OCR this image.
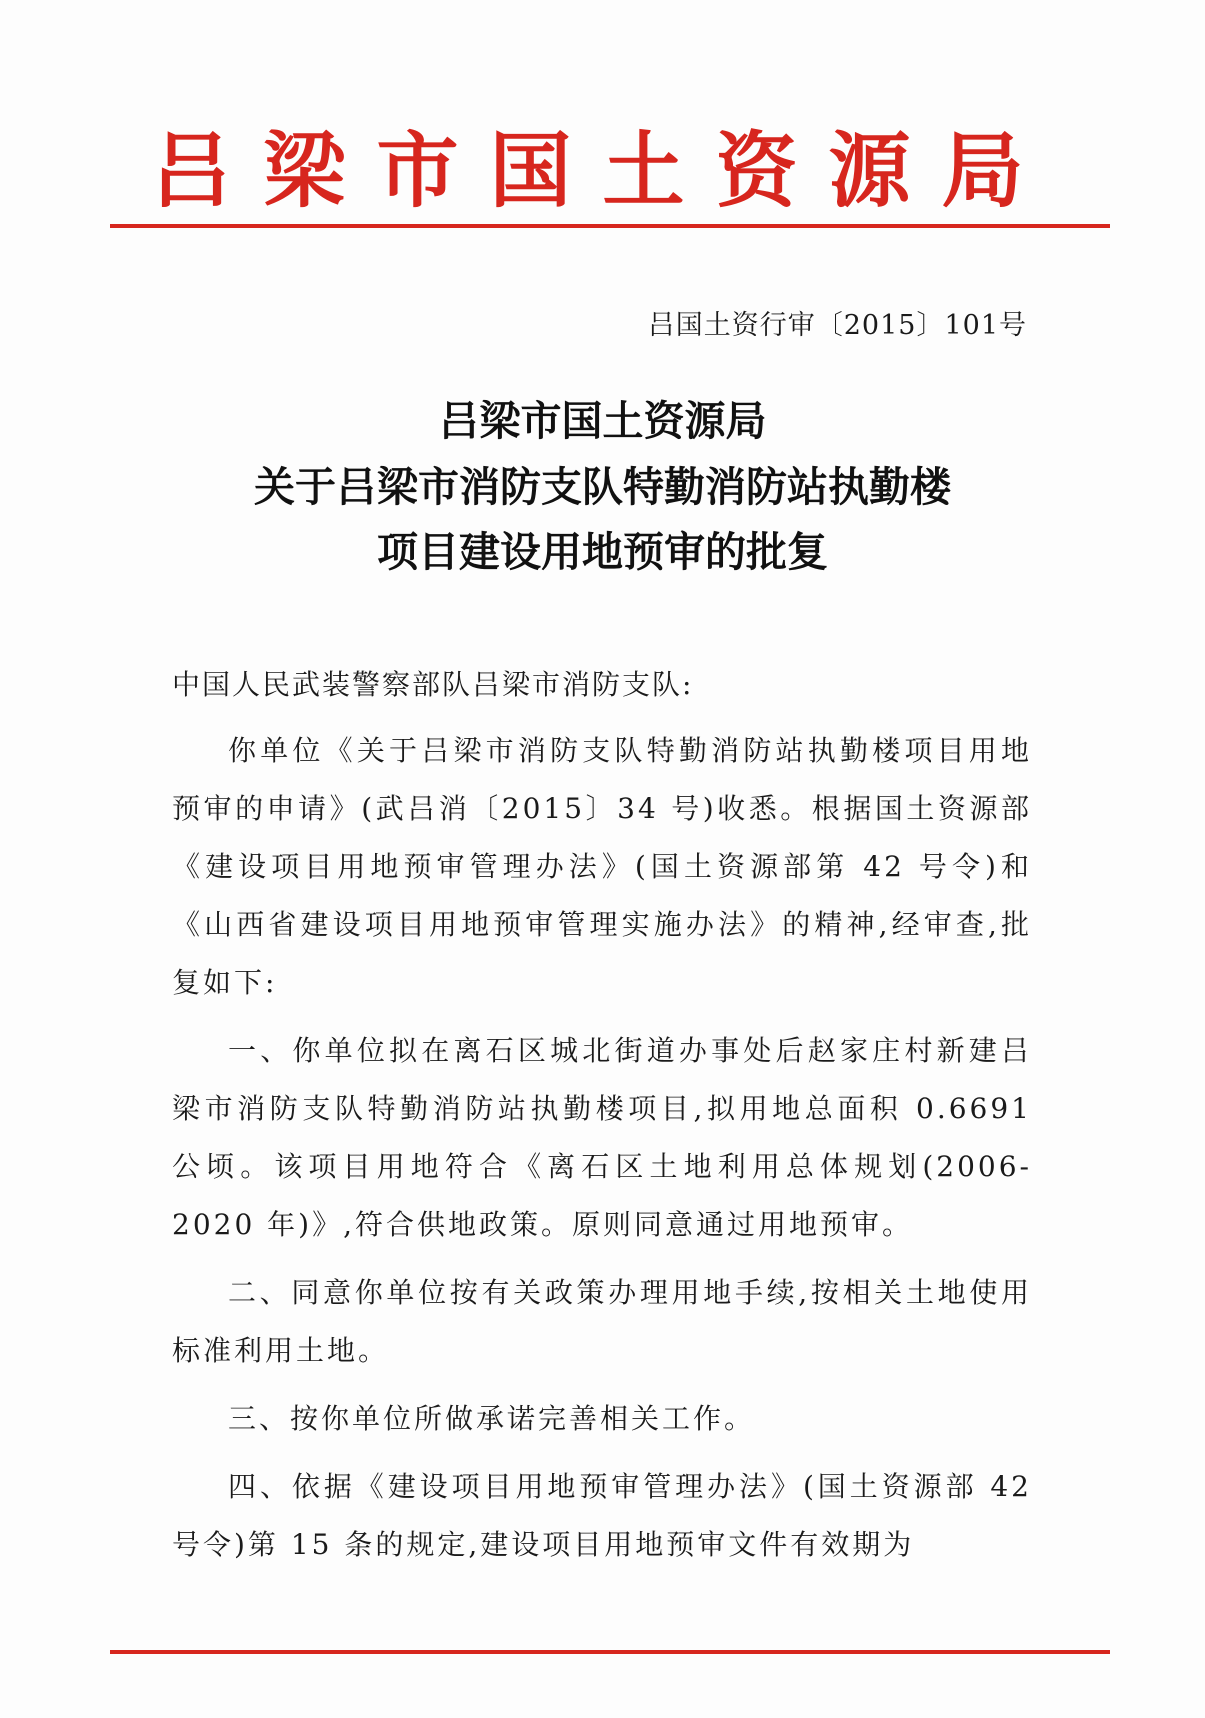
吕梁市国土资源局
吕国土资行审〔2015〕101号
吕梁市国土资源局
关于吕梁市消防支队特勤消防站执勤楼
项目建设用地预审的批复
中国人民武装警察部队吕梁市消防支队:

你单位《关于吕梁市消防支队特勤消防站执勤楼项目用地预审的申请》(武吕消〔2015〕34 号)收悉。根据国土资源部《建设项目用地预审管理办法》(国土资源部第 42 号令)和《山西省建设项目用地预审管理实施办法》的精神,经审查,批复如下:

一、你单位拟在离石区城北街道办事处后赵家庄村新建吕梁市消防支队特勤消防站执勤楼项目,拟用地总面积 0.6691 公顷。该项目用地符合《离石区土地利用总体规划(2006-2020 年)》,符合供地政策。原则同意通过用地预审。

二、同意你单位按有关政策办理用地手续,按相关土地使用标准利用土地。

三、按你单位所做承诺完善相关工作。

四、依据《建设项目用地预审管理办法》(国土资源部 42 号令)第 15 条的规定,建设项目用地预审文件有效期为
